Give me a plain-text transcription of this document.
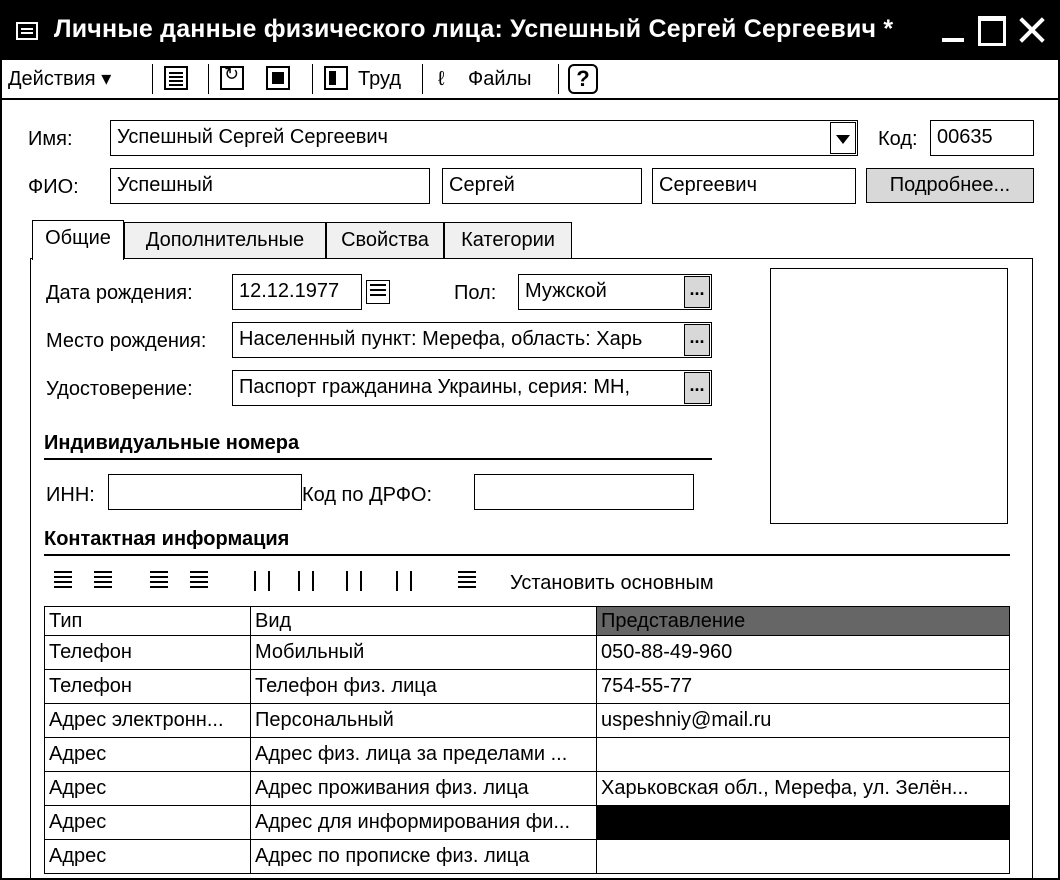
Личные данные физического лица: Успешный Сергей Сергеевич *
Действия ▾ ↻	Труд ℓ Файлы	?
Имя:	Успешный Сергей Сергеевич	Код: 00635
ФИО:	Успешный	Сергей	Сергеевич	Подробнее...
Общие	Дополнительные	Свойства	Категории
Дата рождения:	12.12.1977	Пол:	Мужской	...
Место рождения:	Населенный пункт: Мерефа, область: Харь	...
Удостоверение:	Паспорт гражданина Украины, серия: МН,	...
Индивидуальные номера
ИНН:	Код по ДРФО:
Контактная информация
Установить основным
Тип	Вид	Представление
Телефон	Мобильный	050-88-49-960
Телефон	Телефон физ. лица	754-55-77
Адрес электронн...	Персональный	uspeshniy@mail.ru
Адрес	Адрес физ. лица за пределами ...	
Адрес	Адрес проживания физ. лица	Харьковская обл., Мерефа, ул. Зелён...
Адрес	Адрес для информирования фи...	
Адрес	Адрес по прописке физ. лица	
